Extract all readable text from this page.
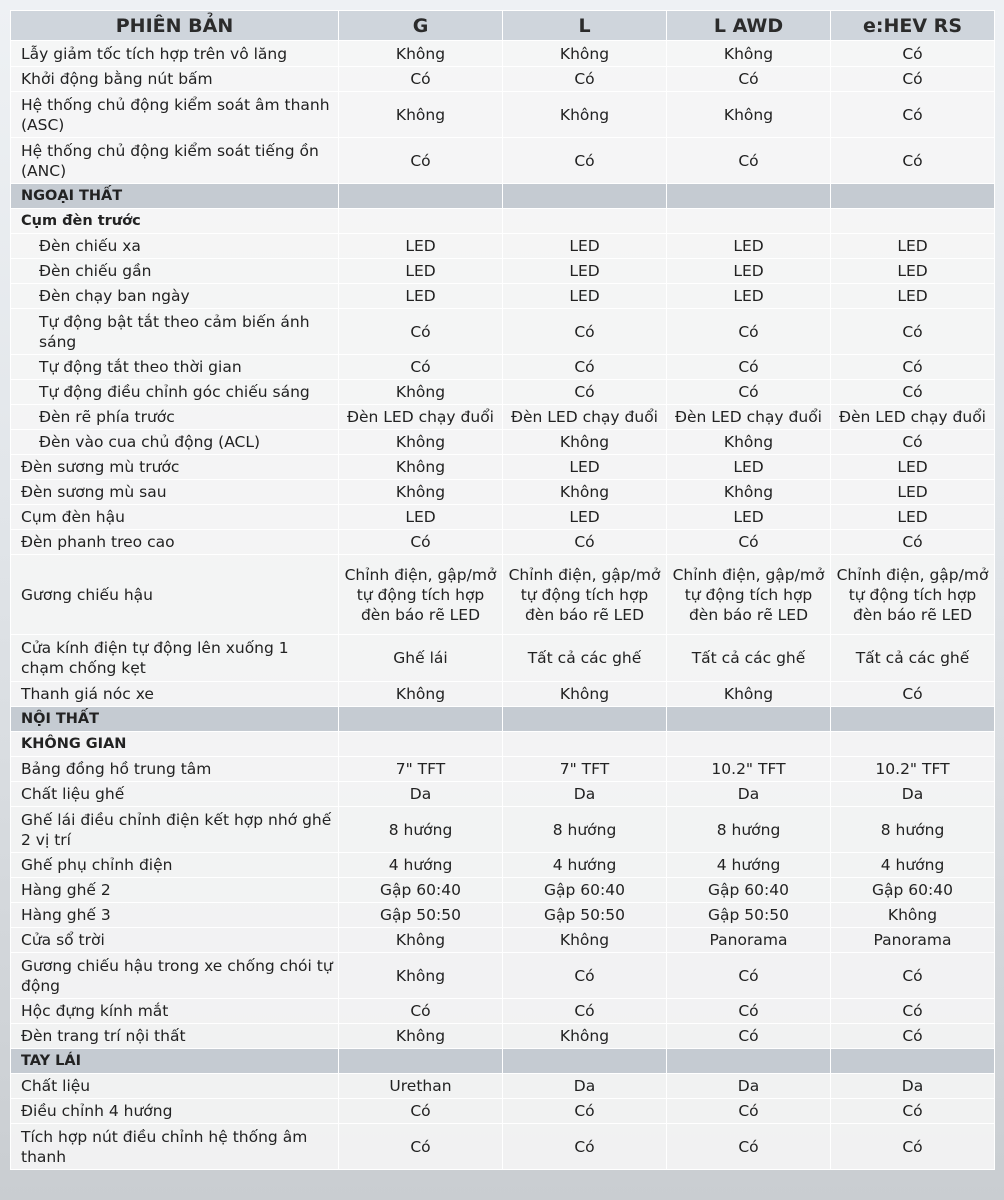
PHIÊN BẢN	G	L	L AWD	e:HEV RS
Lẫy giảm tốc tích hợp trên vô lăng	Không	Không	Không	Có
Khởi động bằng nút bấm	Có	Có	Có	Có
Hệ thống chủ động kiểm soát âm thanh (ASC)	Không	Không	Không	Có
Hệ thống chủ động kiểm soát tiếng ồn (ANC)	Có	Có	Có	Có
NGOẠI THẤT				
Cụm đèn trước				
Đèn chiếu xa	LED	LED	LED	LED
Đèn chiếu gần	LED	LED	LED	LED
Đèn chạy ban ngày	LED	LED	LED	LED
Tự động bật tắt theo cảm biến ánh sáng	Có	Có	Có	Có
Tự động tắt theo thời gian	Có	Có	Có	Có
Tự động điều chỉnh góc chiếu sáng	Không	Có	Có	Có
Đèn rẽ phía trước	Đèn LED chạy đuổi	Đèn LED chạy đuổi	Đèn LED chạy đuổi	Đèn LED chạy đuổi
Đèn vào cua chủ động (ACL)	Không	Không	Không	Có
Đèn sương mù trước	Không	LED	LED	LED
Đèn sương mù sau	Không	Không	Không	LED
Cụm đèn hậu	LED	LED	LED	LED
Đèn phanh treo cao	Có	Có	Có	Có
Gương chiếu hậu	Chỉnh điện, gập/mở tự động tích hợp đèn báo rẽ LED	Chỉnh điện, gập/mở tự động tích hợp đèn báo rẽ LED	Chỉnh điện, gập/mở tự động tích hợp đèn báo rẽ LED	Chỉnh điện, gập/mở tự động tích hợp đèn báo rẽ LED
Cửa kính điện tự động lên xuống 1 chạm chống kẹt	Ghế lái	Tất cả các ghế	Tất cả các ghế	Tất cả các ghế
Thanh giá nóc xe	Không	Không	Không	Có
NỘI THẤT				
KHÔNG GIAN				
Bảng đồng hồ trung tâm	7" TFT	7" TFT	10.2" TFT	10.2" TFT
Chất liệu ghế	Da	Da	Da	Da
Ghế lái điều chỉnh điện kết hợp nhớ ghế 2 vị trí	8 hướng	8 hướng	8 hướng	8 hướng
Ghế phụ chỉnh điện	4 hướng	4 hướng	4 hướng	4 hướng
Hàng ghế 2	Gập 60:40	Gập 60:40	Gập 60:40	Gập 60:40
Hàng ghế 3	Gập 50:50	Gập 50:50	Gập 50:50	Không
Cửa sổ trời	Không	Không	Panorama	Panorama
Gương chiếu hậu trong xe chống chói tự động	Không	Có	Có	Có
Hộc đựng kính mắt	Có	Có	Có	Có
Đèn trang trí nội thất	Không	Không	Có	Có
TAY LÁI				
Chất liệu	Urethan	Da	Da	Da
Điều chỉnh 4 hướng	Có	Có	Có	Có
Tích hợp nút điều chỉnh hệ thống âm thanh	Có	Có	Có	Có
